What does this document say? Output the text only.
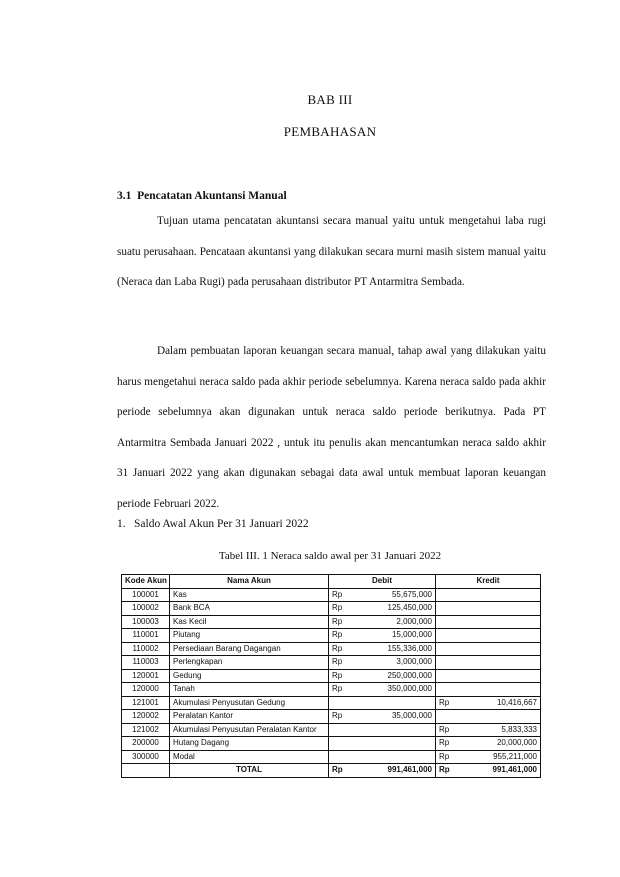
BAB III
PEMBAHASAN
3.1 Pencatatan Akuntansi Manual

Tujuan utama pencatatan akuntansi secara manual yaitu untuk mengetahui laba rugi suatu perusahaan. Pencataan akuntansi yang dilakukan secara murni masih sistem manual yaitu (Neraca dan Laba Rugi) pada perusahaan distributor PT Antarmitra Sembada.

Dalam pembuatan laporan keuangan secara manual, tahap awal yang dilakukan yaitu harus mengetahui neraca saldo pada akhir periode sebelumnya. Karena neraca saldo pada akhir periode sebelumnya akan digunakan untuk neraca saldo periode berikutnya. Pada PT Antarmitra Sembada Januari 2022 , untuk itu penulis akan mencantumkan neraca saldo akhir 31 Januari 2022 yang akan digunakan sebagai data awal untuk membuat laporan keuangan periode Februari 2022.

1. Saldo Awal Akun Per 31 Januari 2022
Tabel III. 1 Neraca saldo awal per 31 Januari 2022
Kode Akun	Nama Akun	Debit	Kredit
100001	Kas	Rp 55,675,000	

100002	Bank BCA	Rp 125,450,000	

100003	Kas Kecil	Rp 2,000,000	

110001	Piutang	Rp 15,000,000	

110002	Persediaan Barang Dagangan	Rp 155,336,000	

110003	Perlengkapan	Rp 3,000,000	

120001	Gedung	Rp 250,000,000	

120000	Tanah	Rp 350,000,000	

121001	Akumulasi Penyusutan Gedung		Rp 10,416,667

120002	Peralatan Kantor	Rp 35,000,000	

121002	Akumulasi Penyusutan Peralatan Kantor		Rp 5,833,333

200000	Hutang Dagang		Rp 20,000,000

300000	Modal		Rp 955,211,000

	TOTAL	Rp 991,461,000	Rp 991,461,000
